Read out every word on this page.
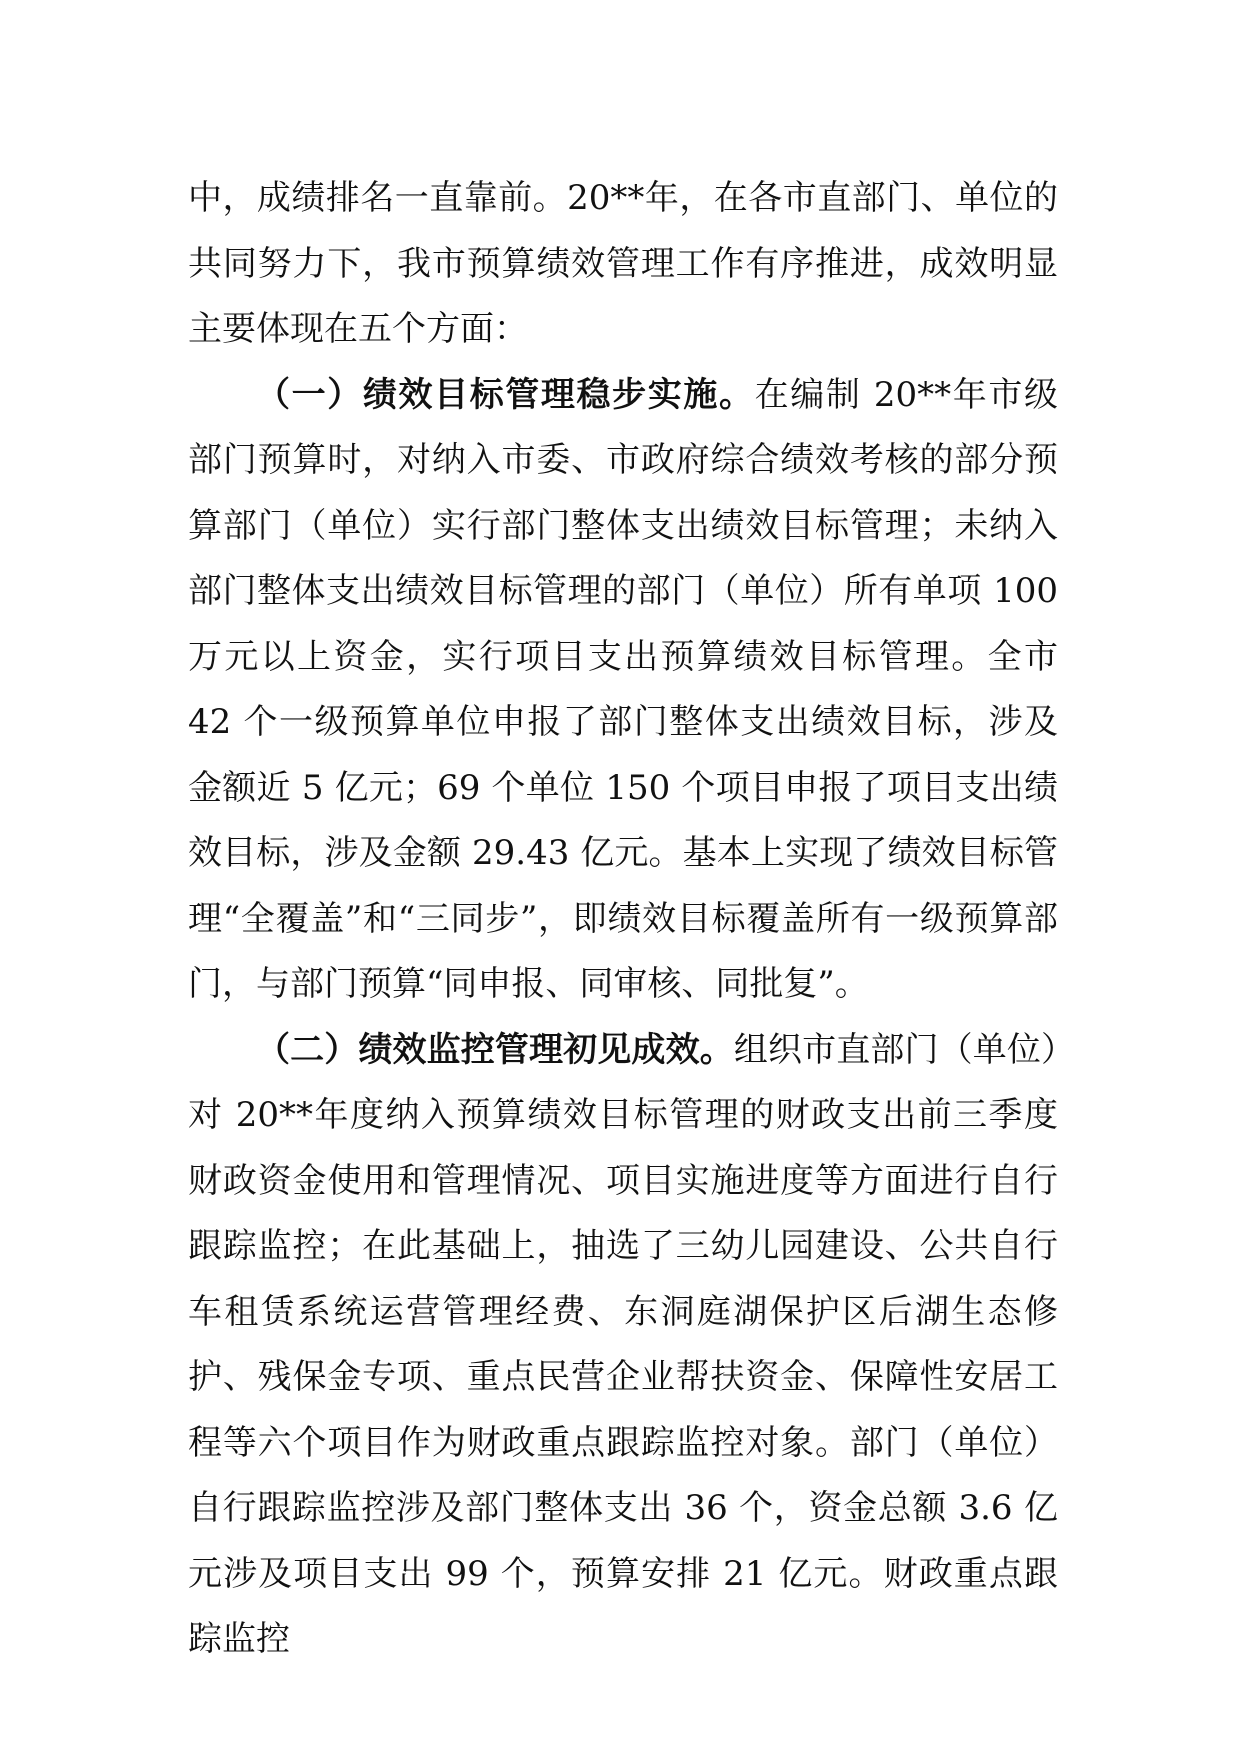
中，成绩排名一直靠前。20**年，在各市直部门、单位的共同努力下，我市预算绩效管理工作有序推进，成效明显主要体现在五个方面：

（一）绩效目标管理稳步实施。在编制 20**年市级部门预算时，对纳入市委、市政府综合绩效考核的部分预算部门（单位）实行部门整体支出绩效目标管理；未纳入部门整体支出绩效目标管理的部门（单位）所有单项 100 万元以上资金，实行项目支出预算绩效目标管理。全市 42 个一级预算单位申报了部门整体支出绩效目标，涉及金额近 5 亿元；69 个单位 150 个项目申报了项目支出绩效目标，涉及金额 29.43 亿元。基本上实现了绩效目标管理“全覆盖”和“三同步”，即绩效目标覆盖所有一级预算部门，与部门预算“同申报、同审核、同批复”。

（二）绩效监控管理初见成效。组织市直部门（单位）对 20**年度纳入预算绩效目标管理的财政支出前三季度财政资金使用和管理情况、项目实施进度等方面进行自行跟踪监控；在此基础上，抽选了三幼儿园建设、公共自行车租赁系统运营管理经费、东洞庭湖保护区后湖生态修护、残保金专项、重点民营企业帮扶资金、保障性安居工程等六个项目作为财政重点跟踪监控对象。部门（单位）自行跟踪监控涉及部门整体支出 36 个，资金总额 3.6 亿元涉及项目支出 99 个，预算安排 21 亿元。财政重点跟踪监控
